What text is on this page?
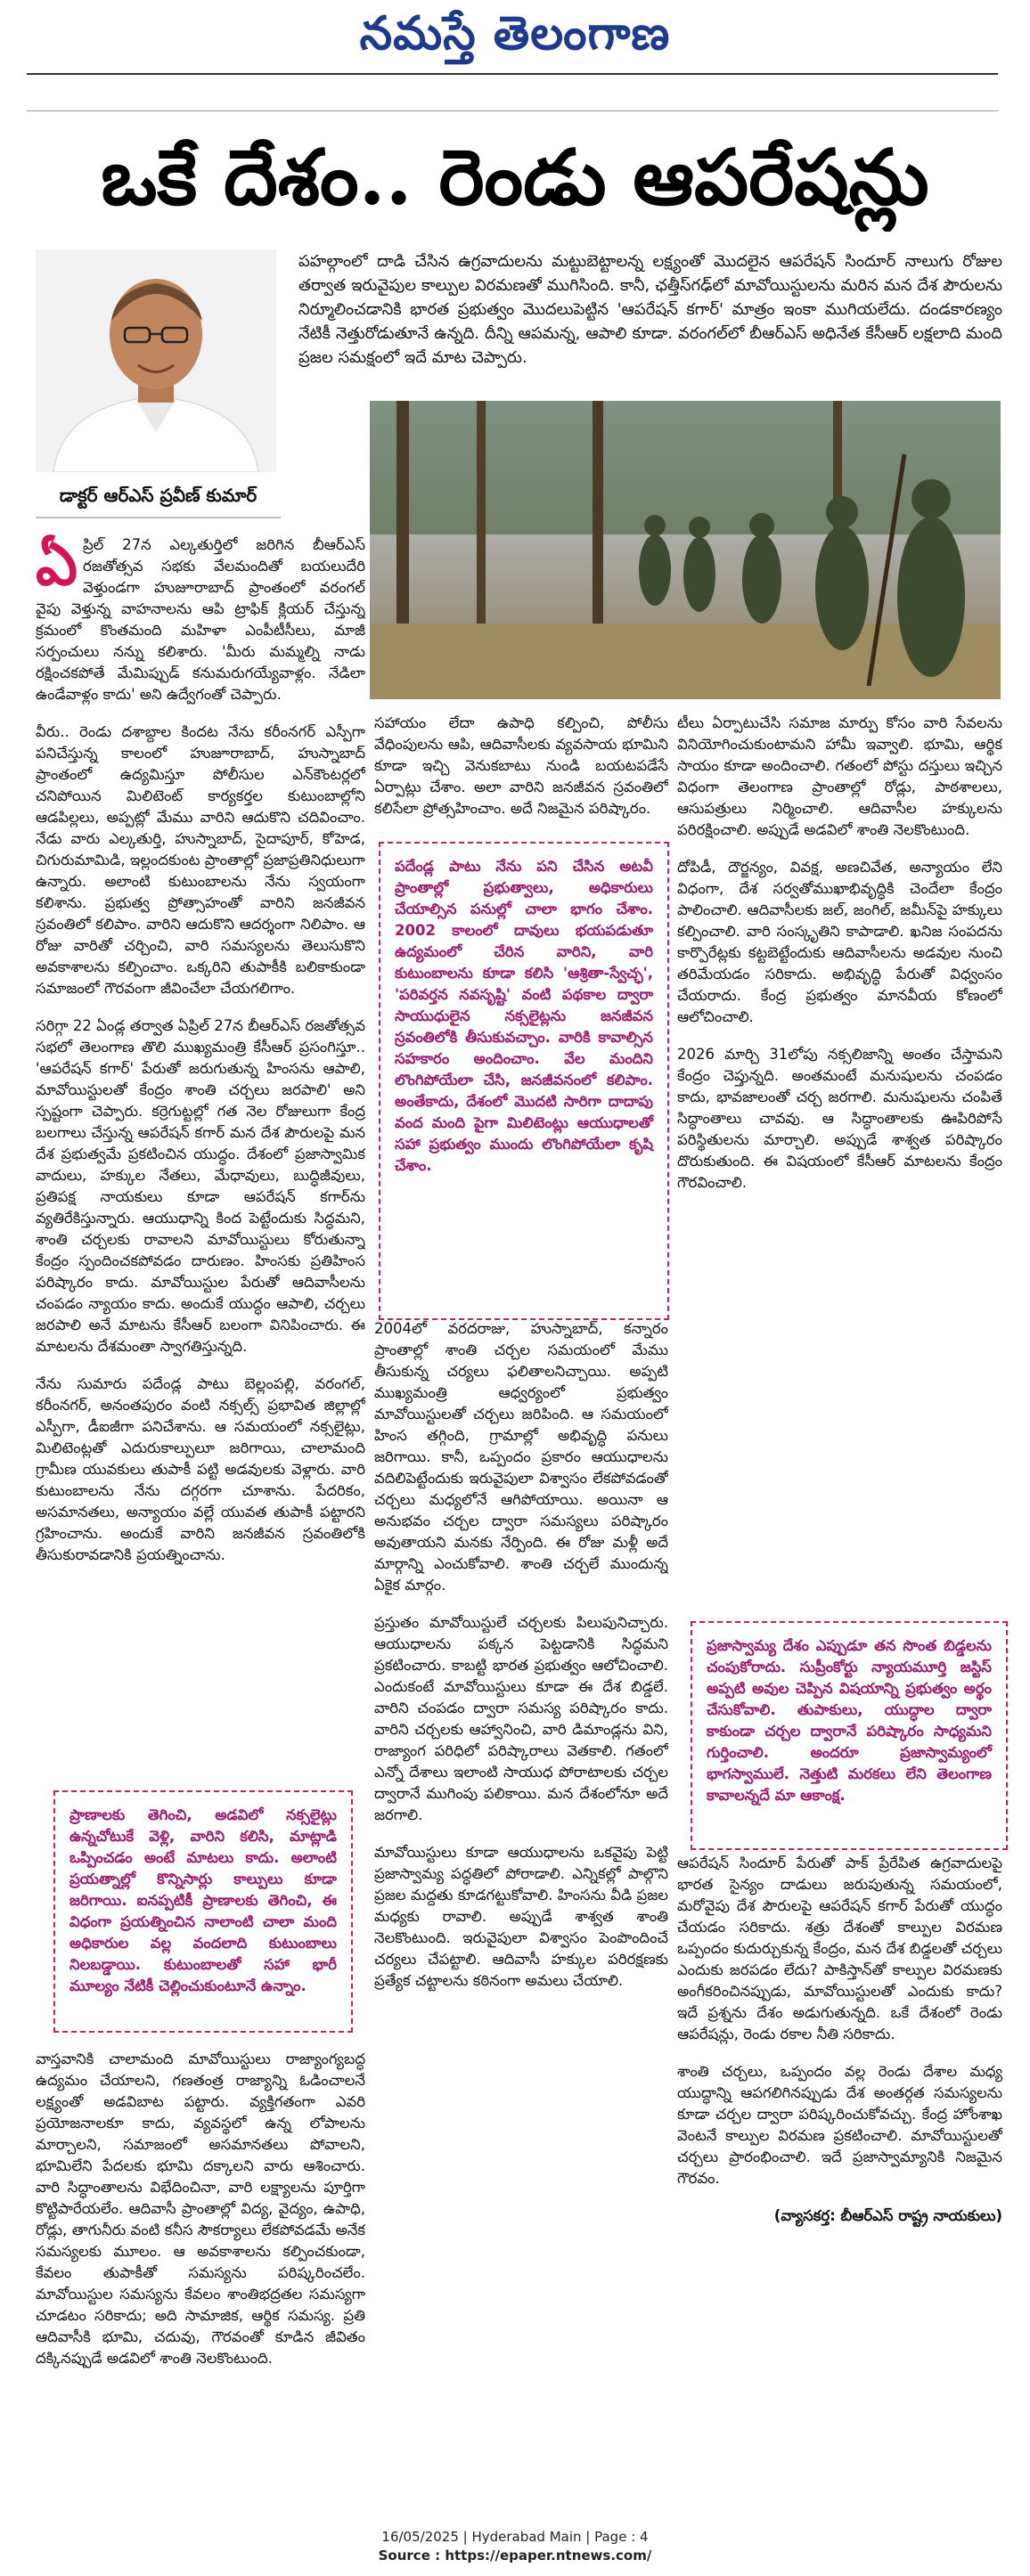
నమస్తే తెలంగాణ
ఒకే దేశం.. రెండు ఆపరేషన్లు
డాక్టర్ ఆర్‌ఎస్ ప్రవీణ్ కుమార్
పహల్గాంలో దాడి చేసిన ఉగ్రవాదులను మట్టుబెట్టాలన్న లక్ష్యంతో మొదలైన ఆపరేషన్ సిందూర్ నాలుగు రోజుల తర్వాత ఇరువైపుల కాల్పుల విరమణతో ముగిసింది. కానీ, ఛత్తీస్‌గఢ్‌లో మావోయిస్టులను మరిన మన దేశ పౌరులను నిర్మూలించడానికి భారత ప్రభుత్వం మొదలుపెట్టిన 'ఆపరేషన్ కగార్' మాత్రం ఇంకా ముగియలేదు. దండకారణ్యం నేటికీ నెత్తురోడుతూనే ఉన్నది. దీన్ని ఆపమన్న, ఆపాలి కూడా. వరంగల్‌లో బీఆర్‌ఎస్ అధినేత కేసీఆర్ లక్షలాది మంది ప్రజల సమక్షంలో ఇదే మాట చెప్పారు.

ఏప్రిల్ 27న ఎల్కతుర్తిలో జరిగిన బీఆర్‌ఎస్ రజతోత్సవ సభకు వేలమందితో బయలుదేరి వెళ్తుండగా హుజూరాబాద్ ప్రాంతంలో వరంగల్ వైపు వెళ్తున్న వాహనాలను ఆపి ట్రాఫిక్ క్లియర్ చేస్తున్న క్రమంలో కొంతమంది మహిళా ఎంపీటీసీలు, మాజీ సర్పంచులు నన్ను కలిశారు. 'మీరు మమ్మల్ని నాడు రక్షించకపోతే మేమిప్పుడ్ కనుమరుగయ్యేవాళ్లం. నేడిలా ఉండేవాళ్లం కాదు' అని ఉద్వేగంతో చెప్పారు.

వీరు.. రెండు దశాబ్దాల కిందట నేను కరీంనగర్ ఎస్పీగా పనిచేస్తున్న కాలంలో హుజూరాబాద్, హుస్నాబాద్ ప్రాంతంలో ఉద్యమిస్తూ పోలీసుల ఎన్‌కౌంటర్లలో చనిపోయిన మిలిటెంట్ కార్యకర్తల కుటుంబాల్లోని ఆడపిల్లలు, అప్పట్లో మేము వారిని ఆదుకొని చదివించాం. నేడు వారు ఎల్కతుర్తి, హుస్నాబాద్, సైదాపూర్, కోహెడ, చిగురుమామిడి, ఇల్లందకుంట ప్రాంతాల్లో ప్రజాప్రతినిధులుగా ఉన్నారు. అలాంటి కుటుంబాలను నేను స్వయంగా కలిశాను. ప్రభుత్వ ప్రోత్సాహంతో వారిని జనజీవన స్రవంతిలో కలిపాం. వారిని ఆదుకొని ఆదర్శంగా నిలిపాం. ఆ రోజు వారితో చర్చించి, వారి సమస్యలను తెలుసుకొని అవకాశాలను కల్పించాం. ఒక్కరిని తుపాకీకి బలికాకుండా సమాజంలో గౌరవంగా జీవించేలా చేయగలిగాం.

సరిగ్గా 22 ఏండ్ల తర్వాత ఏప్రిల్ 27న బీఆర్‌ఎస్ రజతోత్సవ సభలో తెలంగాణ తొలి ముఖ్యమంత్రి కేసీఆర్ ప్రసంగిస్తూ.. 'ఆపరేషన్ కగార్' పేరుతో జరుగుతున్న హింసను ఆపాలి, మావోయిస్టులతో కేంద్రం శాంతి చర్చలు జరపాలి' అని స్పష్టంగా చెప్పారు. కర్రెగుట్టల్లో గత నెల రోజులుగా కేంద్ర బలగాలు చేస్తున్న ఆపరేషన్ కగార్ మన దేశ పౌరులపై మన దేశ ప్రభుత్వమే ప్రకటించిన యుద్ధం. దేశంలో ప్రజాస్వామిక వాదులు, హక్కుల నేతలు, మేధావులు, బుద్ధిజీవులు, ప్రతిపక్ష నాయకులు కూడా ఆపరేషన్ కగార్‌ను వ్యతిరేకిస్తున్నారు. ఆయుధాన్ని కింద పెట్టేందుకు సిద్ధమని, శాంతి చర్చలకు రావాలని మావోయిస్టులు కోరుతున్నా కేంద్రం స్పందించకపోవడం దారుణం. హింసకు ప్రతిహింస పరిష్కారం కాదు. మావోయిస్టుల పేరుతో ఆదివాసీలను చంపడం న్యాయం కాదు. అందుకే యుద్ధం ఆపాలి, చర్చలు జరపాలి అనే మాటను కేసీఆర్ బలంగా వినిపించారు. ఈ మాటలను దేశమంతా స్వాగతిస్తున్నది.

నేను సుమారు పదేండ్ల పాటు బెల్లంపల్లి, వరంగల్, కరీంనగర్, అనంతపురం వంటి నక్సల్స్ ప్రభావిత జిల్లాల్లో ఎస్పీగా, డీఐజీగా పనిచేశాను. ఆ సమయంలో నక్సలైట్లు, మిలిటెంట్లతో ఎదురుకాల్పులూ జరిగాయి, చాలామంది గ్రామీణ యువకులు తుపాకీ పట్టి అడవులకు వెళ్లారు. వారి కుటుంబాలను నేను దగ్గరగా చూశాను. పేదరికం, అసమానతలు, అన్యాయం వల్లే యువత తుపాకీ పట్టారని గ్రహించాను. అందుకే వారిని జనజీవన స్రవంతిలోకి తీసుకురావడానికి ప్రయత్నించాను.

ప్రాణాలకు తెగించి, అడవిలో నక్సలైట్లు ఉన్నచోటుకే వెళ్లి, వారిని కలిసి, మాట్లాడి ఒప్పించడం అంటే మాటలు కాదు. అలాంటి ప్రయత్నాల్లో కొన్నిసార్లు కాల్పులు కూడా జరిగాయి. ఐనప్పటికీ ప్రాణాలకు తెగించి, ఈ విధంగా ప్రయత్నించిన నాలాంటి చాలా మంది అధికారుల వల్ల వందలాది కుటుంబాలు నిలబడ్డాయి. కుటుంబాలతో సహా భారీ మూల్యం నేటికీ చెల్లించుకుంటూనే ఉన్నాం.

వాస్తవానికి చాలామంది మావోయిస్టులు రాజ్యాంగ్యబద్ధ ఉద్యమం చేయాలని, గణతంత్ర రాజ్యాన్ని ఓడించాలనే లక్ష్యంతో అడవిబాట పట్టారు. వ్యక్తిగతంగా ఎవరి ప్రయోజనాలకూ కాదు, వ్యవస్థలో ఉన్న లోపాలను మార్చాలని, సమాజంలో అసమానతలు పోవాలని, భూమిలేని పేదలకు భూమి దక్కాలని వారు ఆశించారు. వారి సిద్ధాంతాలను విభేదించినా, వారి లక్ష్యాలను పూర్తిగా కొట్టిపారేయలేం. ఆదివాసీ ప్రాంతాల్లో విద్య, వైద్యం, ఉపాధి, రోడ్లు, తాగునీరు వంటి కనీస సౌకర్యాలు లేకపోవడమే అనేక సమస్యలకు మూలం. ఆ అవకాశాలను కల్పించకుండా, కేవలం తుపాకీతో సమస్యను పరిష్కరించలేం. మావోయిస్టుల సమస్యను కేవలం శాంతిభద్రతల సమస్యగా చూడటం సరికాదు; అది సామాజిక, ఆర్థిక సమస్య. ప్రతి ఆదివాసీకి భూమి, చదువు, గౌరవంతో కూడిన జీవితం దక్కినప్పుడే అడవిలో శాంతి నెలకొంటుంది.

సహాయం లేదా ఉపాధి కల్పించి, పోలీసు వేధింపులను ఆపి, ఆదివాసీలకు వ్యవసాయ భూమిని కూడా ఇచ్చి వెనుకబాటు నుండి బయటపడేసే ఏర్పాట్లు చేశాం. అలా వారిని జనజీవన స్రవంతిలో కలిసేలా ప్రోత్సహించాం. అదే నిజమైన పరిష్కారం.

పదేండ్ల పాటు నేను పని చేసిన అటవీ ప్రాంతాల్లో ప్రభుత్వాలు, అధికారులు చేయాల్సిన పనుల్లో చాలా భాగం చేశాం. 2002 కాలంలో దావులు భయపడుతూ ఉద్యమంలో చేరిన వారిని, వారి కుటుంబాలను కూడా కలిసి 'ఆశ్రితా-స్వేచ్ఛ', 'పరివర్తన నవసృష్టి' వంటి పథకాల ద్వారా సాయుధులైన నక్సలైట్లను జనజీవన స్రవంతిలోకి తీసుకువచ్చాం. వారికి కావాల్సిన సహకారం అందించాం. వేల మందిని లొంగిపోయేలా చేసి, జనజీవనంలో కలిపాం. అంతేకాదు, దేశంలో మొదటి సారిగా దాదాపు వంద మంది పైగా మిలిటెంట్లు ఆయుధాలతో సహా ప్రభుత్వం ముందు లొంగిపోయేలా కృషి చేశాం.

2004లో వరదరాజు, హుస్నాబాద్, కన్నారం ప్రాంతాల్లో శాంతి చర్చల సమయంలో మేము తీసుకున్న చర్యలు ఫలితాలనిచ్చాయి. అప్పటి ముఖ్యమంత్రి ఆధ్వర్యంలో ప్రభుత్వం మావోయిస్టులతో చర్చలు జరిపింది. ఆ సమయంలో హింస తగ్గింది, గ్రామాల్లో అభివృద్ధి పనులు జరిగాయి. కానీ, ఒప్పందం ప్రకారం ఆయుధాలను వదిలిపెట్టేందుకు ఇరువైపులా విశ్వాసం లేకపోవడంతో చర్చలు మధ్యలోనే ఆగిపోయాయి. అయినా ఆ అనుభవం చర్చల ద్వారా సమస్యలు పరిష్కారం అవుతాయని మనకు నేర్పింది. ఈ రోజు మళ్లీ అదే మార్గాన్ని ఎంచుకోవాలి. శాంతి చర్చలే ముందున్న ఏకైక మార్గం.

ప్రస్తుతం మావోయిస్టులే చర్చలకు పిలుపునిచ్చారు. ఆయుధాలను పక్కన పెట్టడానికి సిద్ధమని ప్రకటించారు. కాబట్టి భారత ప్రభుత్వం ఆలోచించాలి. ఎందుకంటే మావోయిస్టులు కూడా ఈ దేశ బిడ్డలే. వారిని చంపడం ద్వారా సమస్య పరిష్కారం కాదు. వారిని చర్చలకు ఆహ్వానించి, వారి డిమాండ్లను విని, రాజ్యాంగ పరిధిలో పరిష్కారాలు వెతకాలి. గతంలో ఎన్నో దేశాలు ఇలాంటి సాయుధ పోరాటాలకు చర్చల ద్వారానే ముగింపు పలికాయి. మన దేశంలోనూ అదే జరగాలి.

మావోయిస్టులు కూడా ఆయుధాలను ఒకవైపు పెట్టి ప్రజాస్వామ్య పద్ధతిలో పోరాడాలి. ఎన్నికల్లో పాల్గొని ప్రజల మద్దతు కూడగట్టుకోవాలి. హింసను వీడి ప్రజల మధ్యకు రావాలి. అప్పుడే శాశ్వత శాంతి నెలకొంటుంది. ఇరువైపులా విశ్వాసం పెంపొందించే చర్యలు చేపట్టాలి. ఆదివాసీ హక్కుల పరిరక్షణకు ప్రత్యేక చట్టాలను కఠినంగా అమలు చేయాలి.

టీలు ఏర్పాటుచేసి సమాజ మార్పు కోసం వారి సేవలను వినియోగించుకుంటామని హామీ ఇవ్వాలి. భూమి, ఆర్థిక సాయం కూడా అందించాలి. గతంలో పోస్టు దస్తులు ఇచ్చిన విధంగా తెలంగాణ ప్రాంతాల్లో రోడ్లు, పాఠశాలలు, ఆసుపత్రులు నిర్మించాలి. ఆదివాసీల హక్కులను పరిరక్షించాలి. అప్పుడే అడవిలో శాంతి నెలకొంటుంది.

దోపిడీ, దౌర్జన్యం, వివక్ష, అణచివేత, అన్యాయం లేని విధంగా, దేశ సర్వతోముఖాభివృద్ధికి చెందేలా కేంద్రం పాలించాలి. ఆదివాసీలకు జల్, జంగిల్, జమీన్‌పై హక్కులు కల్పించాలి. వారి సంస్కృతిని కాపాడాలి. ఖనిజ సంపదను కార్పొరేట్లకు కట్టబెట్టేందుకు ఆదివాసీలను అడవుల నుంచి తరిమేయడం సరికాదు. అభివృద్ధి పేరుతో విధ్వంసం చేయరాదు. కేంద్ర ప్రభుత్వం మానవీయ కోణంలో ఆలోచించాలి.

2026 మార్చి 31లోపు నక్సలిజాన్ని అంతం చేస్తామని కేంద్రం చెప్తున్నది. అంతమంటే మనుషులను చంపడం కాదు, భావజాలంతో చర్చ జరగాలి. మనుషులను చంపితే సిద్ధాంతాలు చావవు. ఆ సిద్ధాంతాలకు ఊపిరిపోసే పరిస్థితులను మార్చాలి. అప్పుడే శాశ్వత పరిష్కారం దొరుకుతుంది. ఈ విషయంలో కేసీఆర్ మాటలను కేంద్రం గౌరవించాలి.

ప్రజాస్వామ్య దేశం ఎప్పుడూ తన సొంత బిడ్డలను చంపుకోరాదు. సుప్రీంకోర్టు న్యాయమూర్తి జస్టిస్ అప్పటి అవుల చెప్పిన విషయాన్ని ప్రభుత్వం అర్థం చేసుకోవాలి. తుపాకులు, యుద్ధాల ద్వారా కాకుండా చర్చల ద్వారానే పరిష్కారం సాధ్యమని గుర్తించాలి. అందరూ ప్రజాస్వామ్యంలో భాగస్వాములే. నెత్తుటి మరకలు లేని తెలంగాణ కావాలన్నదే మా ఆకాంక్ష.

ఆపరేషన్ సిందూర్ పేరుతో పాక్ ప్రేరేపిత ఉగ్రవాదులపై భారత సైన్యం దాడులు జరుపుతున్న సమయంలో, మరోవైపు దేశ పౌరులపై ఆపరేషన్ కగార్ పేరుతో యుద్ధం చేయడం సరికాదు. శత్రు దేశంతో కాల్పుల విరమణ ఒప్పందం కుదుర్చుకున్న కేంద్రం, మన దేశ బిడ్డలతో చర్చలు ఎందుకు జరపడం లేదు? పాకిస్తాన్‌తో కాల్పుల విరమణకు అంగీకరించినప్పుడు, మావోయిస్టులతో ఎందుకు కాదు? ఇదే ప్రశ్నను దేశం అడుగుతున్నది. ఒకే దేశంలో రెండు ఆపరేషన్లు, రెండు రకాల నీతి సరికాదు.

శాంతి చర్చలు, ఒప్పందం వల్ల రెండు దేశాల మధ్య యుద్ధాన్ని ఆపగలిగినప్పుడు దేశ అంతర్గత సమస్యలను కూడా చర్చల ద్వారా పరిష్కరించుకోవచ్చు. కేంద్ర హోంశాఖ వెంటనే కాల్పుల విరమణ ప్రకటించాలి. మావోయిస్టులతో చర్చలు ప్రారంభించాలి. ఇదే ప్రజాస్వామ్యానికి నిజమైన గౌరవం.

(వ్యాసకర్త: బీఆర్‌ఎస్ రాష్ట్ర నాయకులు)
16/05/2025 | Hyderabad Main | Page : 4
Source : https://epaper.ntnews.com/
